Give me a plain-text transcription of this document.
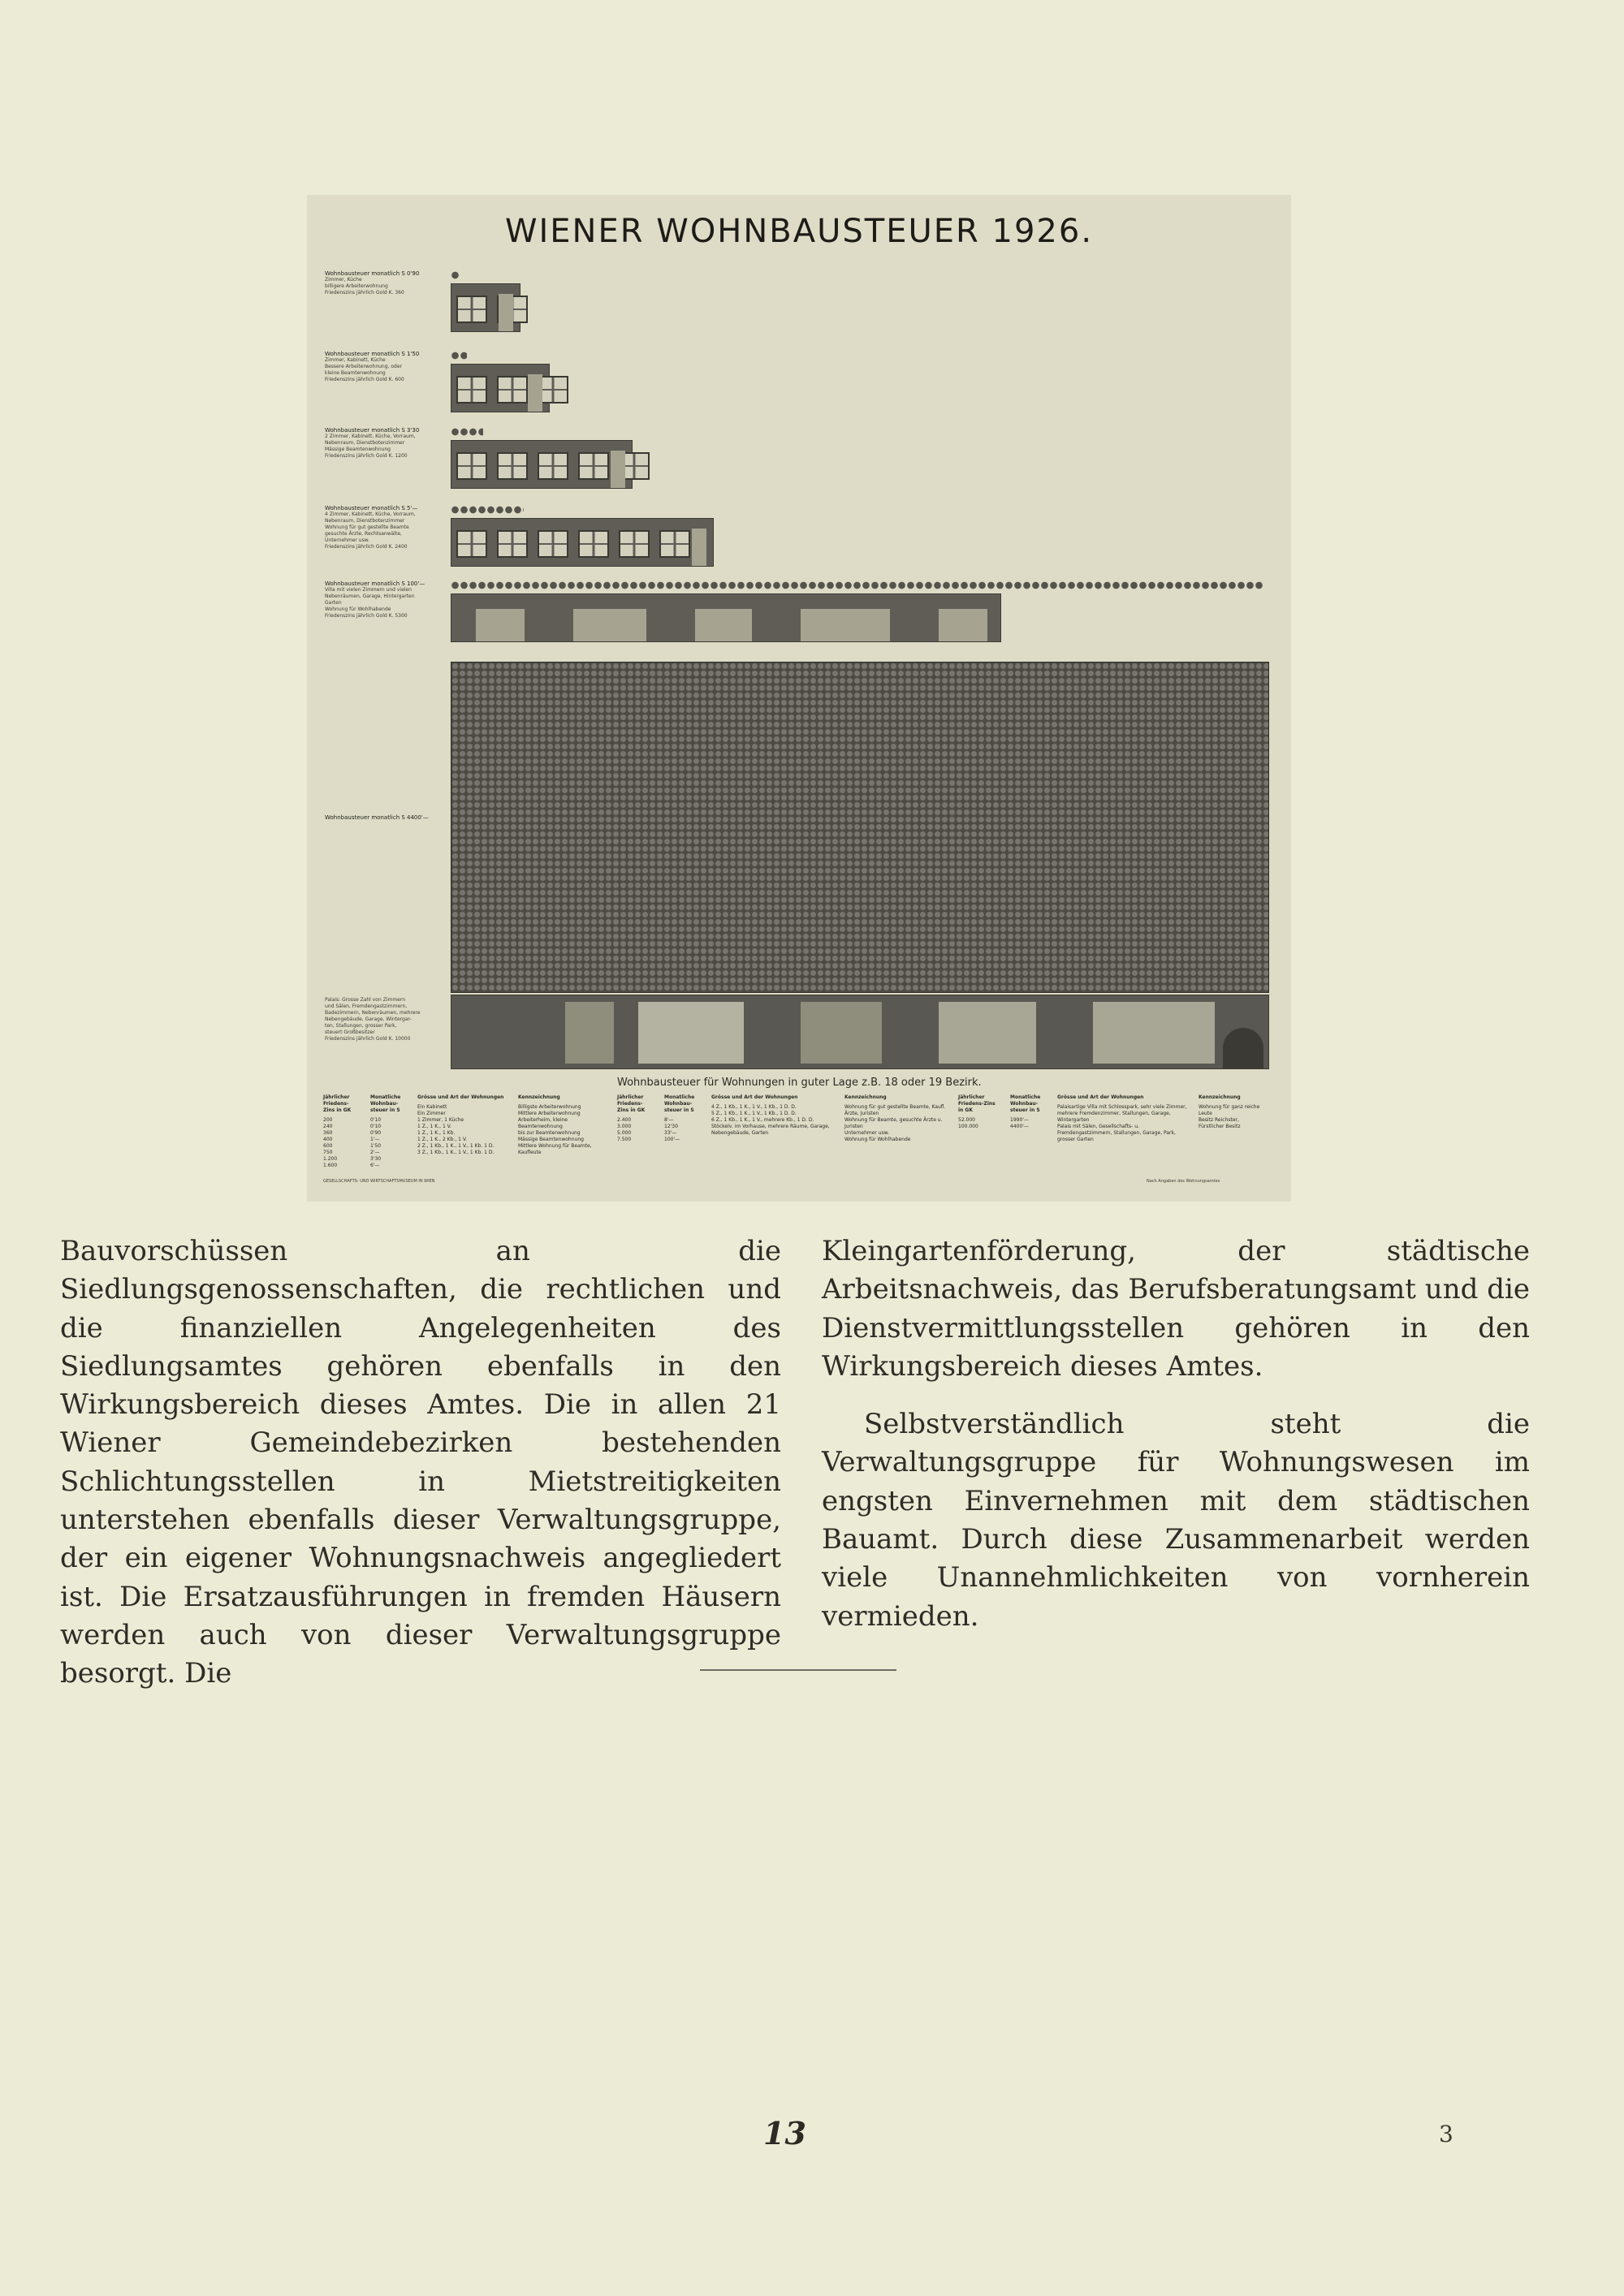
WIENER WOHNBAUSTEUER 1926.
Wohnbausteuer monatlich S 0'90
Zimmer, Küche
billigere Arbeiterwohnung
Friedenszins jährlich Gold K. 360
Wohnbausteuer monatlich S 1'50
Zimmer, Kabinett, Küche
Bessere Arbeiterwohnung, oder
kleine Beamtenwohnung
Friedenszins jährlich Gold K. 600
Wohnbausteuer monatlich S 3'30
2 Zimmer, Kabinett, Küche, Vorraum,
Nebenraum, Dienstbotenzimmer
Mässige Beamtenwohnung
Friedenszins jährlich Gold K. 1200
Wohnbausteuer monatlich S 5'—
4 Zimmer, Kabinett, Küche, Vorraum,
Nebenraum, Dienstbotenzimmer
Wohnung für gut gestellte Beamte
gesuchte Ärzte, Rechtsanwälte,
Unternehmer usw.
Friedenszins jährlich Gold K. 2400
Wohnbausteuer monatlich S 100'—
Villa mit vielen Zimmern und vielen
Nebenräumen, Garage, Hintergarten
Garten
Wohnung für Wohlhabende
Friedenszins jährlich Gold K. 5300
Wohnbausteuer monatlich S 4400'—
Palais: Grosse Zahl von Zimmern
und Sälen, Fremdengastzimmern,
Badezimmern, Nebenräumen, mehrere
Nebengebäude, Garage, Wintergar-
ten, Stallungen, grosser Park,
steuert Großbesitzer
Friedenszins jährlich Gold K. 10000
Wohnbausteuer für Wohnungen in guter Lage z.B. 18 oder 19 Bezirk.
Jährlicher Friedens-Zins in GK
200
240
360
400
600
750
1.200
1.600
Monatliche Wohnbau-steuer in S
0'10
0'10
0'90
1'—
1'50
2'—
3'30
6'—
Grösse und Art der Wohnungen
Ein Kabinett
Ein Zimmer
1 Zimmer, 1 Küche
1 Z., 1 K., 1 V.
1 Z., 1 K., 1 Kb.
1 Z., 1 K., 2 Kb., 1 V.
2 Z., 1 Kb., 1 K., 1 V., 1 Kb. 1 D.
3 Z., 1 Kb., 1 K., 1 V., 1 Kb. 1 D.
Kennzeichnung
Billigste Arbeiterwohnung
Mittlere Arbeiterwohnung
Arbeiterheim, kleine Beamtenwohnung
bis zur Beamtenwohnung
Mässige Beamtenwohnung
Mittlere Wohnung für Beamte, Kaufleute
Jährlicher Friedens-Zins in GK
2.400
3.000
5.000
7.500
Monatliche Wohnbau-steuer in S
8'—
12'30
33'—
100'—
Grösse und Art der Wohnungen
4 Z., 1 Kb., 1 K., 1 V., 1 Kb., 1 D. D.
5 Z., 1 Kb., 1 K., 1 V., 1 Kb., 1 D. D.
6 Z., 1 Kb., 1 K., 1 V., mehrere Kb., 1 D. D.
Stöckelv. im Vorhause, mehrere Räume, Garage, Nebengebäude, Garten
Kennzeichnung
Wohnung für gut gestellte Beamte, Kaufl. Ärzte, Juristen
Wohnung für Beamte, gesuchte Ärzte u. Juristen
Unternehmer usw.
Wohnung für Wohlhabende
Jährlicher Friedens-Zins in GK
52.000
100.000
Monatliche Wohnbau-steuer in S
1990'—
4400'—
Grösse und Art der Wohnungen
Palaisartige Villa mit Schlosspark, sehr viele Zimmer, mehrere Fremdenzimmer, Stallungen, Garage, Wintergarten
Palais mit Sälen, Gesellschafts- u. Fremdengastzimmern, Stallungen, Garage, Park, grosser Garten
Kennzeichnung
Wohnung für ganz reiche Leute
Besitz Reichster, Fürstlicher Besitz
GESELLSCHAFTS- UND WIRTSCHAFTSMUSEUM IN WIEN	Nach Angaben des Wohnungsamtes

Bauvorschüssen an die Siedlungsgenossenschaften, die rechtlichen und die finanziellen Angelegenheiten des Siedlungsamtes gehören ebenfalls in den Wirkungsbereich dieses Amtes. Die in allen 21 Wiener Gemeindebezirken bestehenden Schlichtungsstellen in Mietstreitigkeiten unterstehen ebenfalls dieser Verwaltungsgruppe, der ein eigener Wohnungsnachweis angegliedert ist. Die Ersatzausführungen in fremden Häusern werden auch von dieser Verwaltungsgruppe besorgt. Die

Kleingartenförderung, der städtische Arbeitsnachweis, das Berufsberatungsamt und die Dienstvermittlungsstellen gehören in den Wirkungsbereich dieses Amtes.

Selbstverständlich steht die Verwaltungsgruppe für Wohnungswesen im engsten Einvernehmen mit dem städtischen Bauamt. Durch diese Zusammenarbeit werden viele Unannehmlichkeiten von vornherein vermieden.

13	3
